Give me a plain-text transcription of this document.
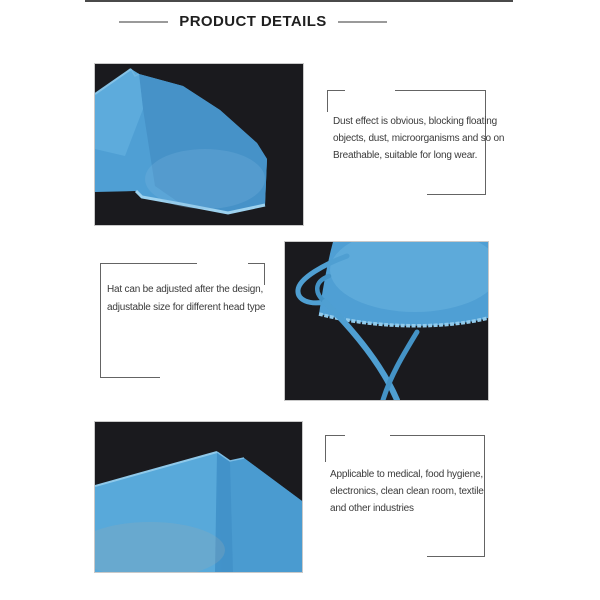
PRODUCT DETAILS
Dust effect is obvious, blocking floating
objects, dust, microorganisms and so on
Breathable, suitable for long wear.
Hat can be adjusted after the design,
adjustable size for different head type
Applicable to medical, food hygiene,
electronics, clean clean room, textile
and other industries
